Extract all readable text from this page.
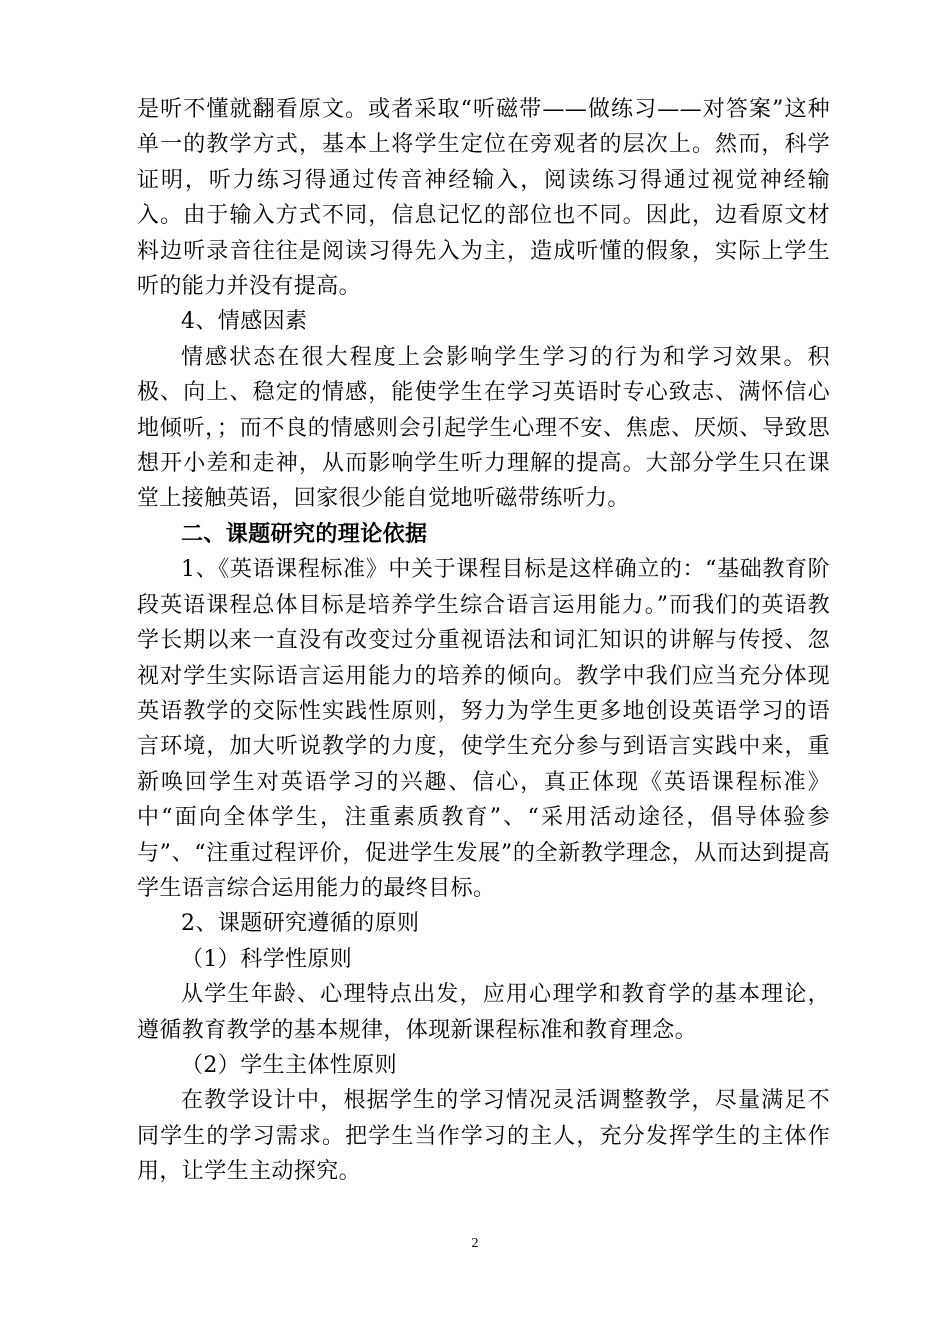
是听不懂就翻看原文。或者采取“听磁带——做练习——对答案”这种单一的教学方式，基本上将学生定位在旁观者的层次上。然而，科学证明，听力练习得通过传音神经输入，阅读练习得通过视觉神经输入。由于输入方式不同，信息记忆的部位也不同。因此，边看原文材料边听录音往往是阅读习得先入为主，造成听懂的假象，实际上学生听的能力并没有提高。

4、情感因素

情感状态在很大程度上会影响学生学习的行为和学习效果。积极、向上、稳定的情感，能使学生在学习英语时专心致志、满怀信心地倾听，；而不良的情感则会引起学生心理不安、焦虑、厌烦、导致思想开小差和走神，从而影响学生听力理解的提高。大部分学生只在课堂上接触英语，回家很少能自觉地听磁带练听力。

二、课题研究的理论依据

1、《英语课程标准》中关于课程目标是这样确立的：“基础教育阶段英语课程总体目标是培养学生综合语言运用能力。”而我们的英语教学长期以来一直没有改变过分重视语法和词汇知识的讲解与传授、忽视对学生实际语言运用能力的培养的倾向。教学中我们应当充分体现英语教学的交际性实践性原则，努力为学生更多地创设英语学习的语言环境，加大听说教学的力度，使学生充分参与到语言实践中来，重新唤回学生对英语学习的兴趣、信心，真正体现《英语课程标准》中“面向全体学生，注重素质教育”、“采用活动途径，倡导体验参与”、“注重过程评价，促进学生发展”的全新教学理念，从而达到提高学生语言综合运用能力的最终目标。

2、课题研究遵循的原则

（1）科学性原则

从学生年龄、心理特点出发，应用心理学和教育学的基本理论，遵循教育教学的基本规律，体现新课程标准和教育理念。

（2）学生主体性原则

在教学设计中，根据学生的学习情况灵活调整教学，尽量满足不同学生的学习需求。把学生当作学习的主人，充分发挥学生的主体作用，让学生主动探究。

2
